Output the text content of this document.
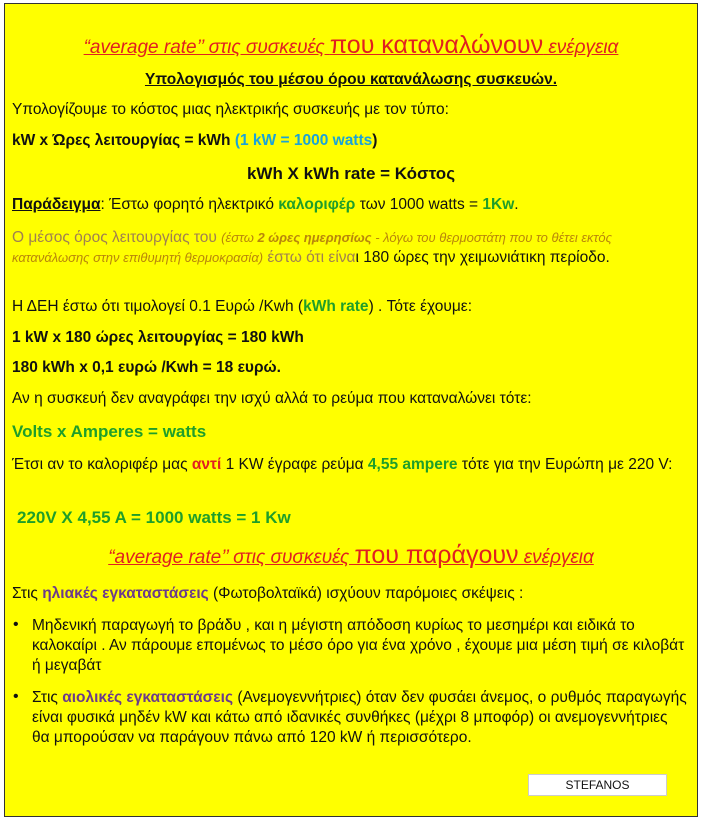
“average rate’’ στις συσκευές που καταναλώνουν ενέργεια
Υπολογισμός του μέσου όρου κατανάλωσης συσκευών.
Υπολογίζουμε το κόστος μιας ηλεκτρικής συσκευής με τον τύπο:
kW x Ώρες λειτουργίας = kWh (1 kW = 1000 watts)
kWh X kWh rate = Κόστος
Παράδειγμα: Έστω φορητό ηλεκτρικό καλοριφέρ των 1000 watts = 1Kw.
Ο μέσος όρος λειτουργίας του (έστω 2 ώρες ημερησίως - λόγω του θερμοστάτη που το θέτει εκτός κατανάλωσης στην επιθυμητή θερμοκρασία) έστω ότι είναι 180 ώρες την χειμωνιάτικη περίοδο.
Η ΔΕΗ έστω ότι τιμολογεί 0.1 Ευρώ /Kwh (kWh rate) . Τότε έχουμε:
1 kW x 180 ώρες λειτουργίας = 180 kWh
180 kWh x 0,1 ευρώ /Kwh = 18 ευρώ.
Αν η συσκευή δεν αναγράφει την ισχύ αλλά το ρεύμα που καταναλώνει τότε:
Volts x Amperes = watts
Έτσι αν το καλοριφέρ μας αντί 1 KW έγραφε ρεύμα 4,55 ampere τότε για την Ευρώπη με 220 V:
220V X 4,55 A = 1000 watts = 1 Kw
“average rate’’ στις συσκευές που παράγουν ενέργεια
Στις ηλιακές εγκαταστάσεις (Φωτοβολταϊκά) ισχύουν παρόμοιες σκέψεις :
• Μηδενική παραγωγή το βράδυ , και η μέγιστη απόδοση κυρίως το μεσημέρι και ειδικά το καλοκαίρι . Αν πάρουμε επομένως το μέσο όρο για ένα χρόνο , έχουμε μια μέση τιμή σε κιλοβάτ ή μεγαβάτ
• Στις αιολικές εγκαταστάσεις (Ανεμογεννήτριες) όταν δεν φυσάει άνεμος, ο ρυθμός παραγωγής είναι φυσικά μηδέν kW και κάτω από ιδανικές συνθήκες (μέχρι 8 μποφόρ) οι ανεμογεννήτριες θα μπορούσαν να παράγουν πάνω από 120 kW ή περισσότερο.
STEFANOS
